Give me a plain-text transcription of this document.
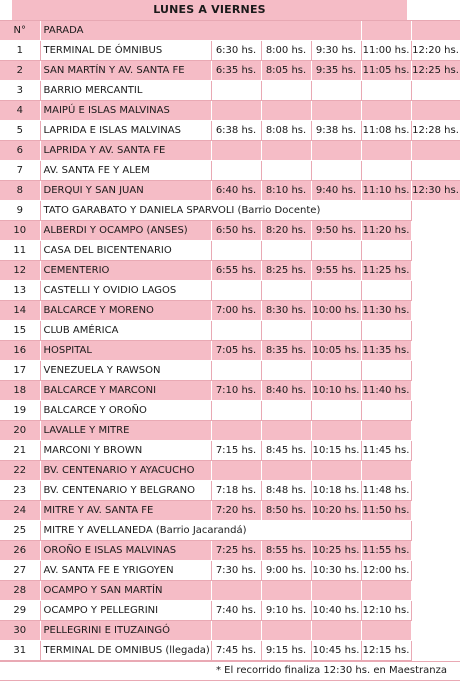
LUNES A VIERNES
N°	PARADA					
1	TERMINAL DE ÓMNIBUS	6:30 hs.	8:00 hs.	9:30 hs.	11:00 hs.	12:20 hs.
2	SAN MARTÍN Y AV. SANTA FE	6:35 hs.	8:05 hs.	9:35 hs.	11:05 hs.	12:25 hs.
3	BARRIO MERCANTIL					
4	MAIPÚ E ISLAS MALVINAS					
5	LAPRIDA E ISLAS MALVINAS	6:38 hs.	8:08 hs.	9:38 hs.	11:08 hs.	12:28 hs.
6	LAPRIDA Y AV. SANTA FE					
7	AV. SANTA FE Y ALEM					
8	DERQUI Y SAN JUAN	6:40 hs.	8:10 hs.	9:40 hs.	11:10 hs.	12:30 hs.
9	TATO GARABATO Y DANIELA SPARVOLI (Barrio Docente)					
10	ALBERDI Y OCAMPO (ANSES)	6:50 hs.	8:20 hs.	9:50 hs.	11:20 hs.	
11	CASA DEL BICENTENARIO					
12	CEMENTERIO	6:55 hs.	8:25 hs.	9:55 hs.	11:25 hs.	
13	CASTELLI Y OVIDIO LAGOS					
14	BALCARCE Y MORENO	7:00 hs.	8:30 hs.	10:00 hs.	11:30 hs.	
15	CLUB AMÉRICA					
16	HOSPITAL	7:05 hs.	8:35 hs.	10:05 hs.	11:35 hs.	
17	VENEZUELA Y RAWSON					
18	BALCARCE Y MARCONI	7:10 hs.	8:40 hs.	10:10 hs.	11:40 hs.	
19	BALCARCE Y OROÑO					
20	LAVALLE Y MITRE					
21	MARCONI Y BROWN	7:15 hs.	8:45 hs.	10:15 hs.	11:45 hs.	
22	BV. CENTENARIO Y AYACUCHO					
23	BV. CENTENARIO Y BELGRANO	7:18 hs.	8:48 hs.	10:18 hs.	11:48 hs.	
24	MITRE Y AV. SANTA FE	7:20 hs.	8:50 hs.	10:20 hs.	11:50 hs.	
25	MITRE Y AVELLANEDA (Barrio Jacarandá)					
26	OROÑO E ISLAS MALVINAS	7:25 hs.	8:55 hs.	10:25 hs.	11:55 hs.	
27	AV. SANTA FE E YRIGOYEN	7:30 hs.	9:00 hs.	10:30 hs.	12:00 hs.	
28	OCAMPO Y SAN MARTÍN					
29	OCAMPO Y PELLEGRINI	7:40 hs.	9:10 hs.	10:40 hs.	12:10 hs.	
30	PELLEGRINI E ITUZAINGÓ					
31	TERMINAL DE OMNIBUS (llegada)	7:45 hs.	9:15 hs.	10:45 hs.	12:15 hs.	
* El recorrido finaliza 12:30 hs. en Maestranza
